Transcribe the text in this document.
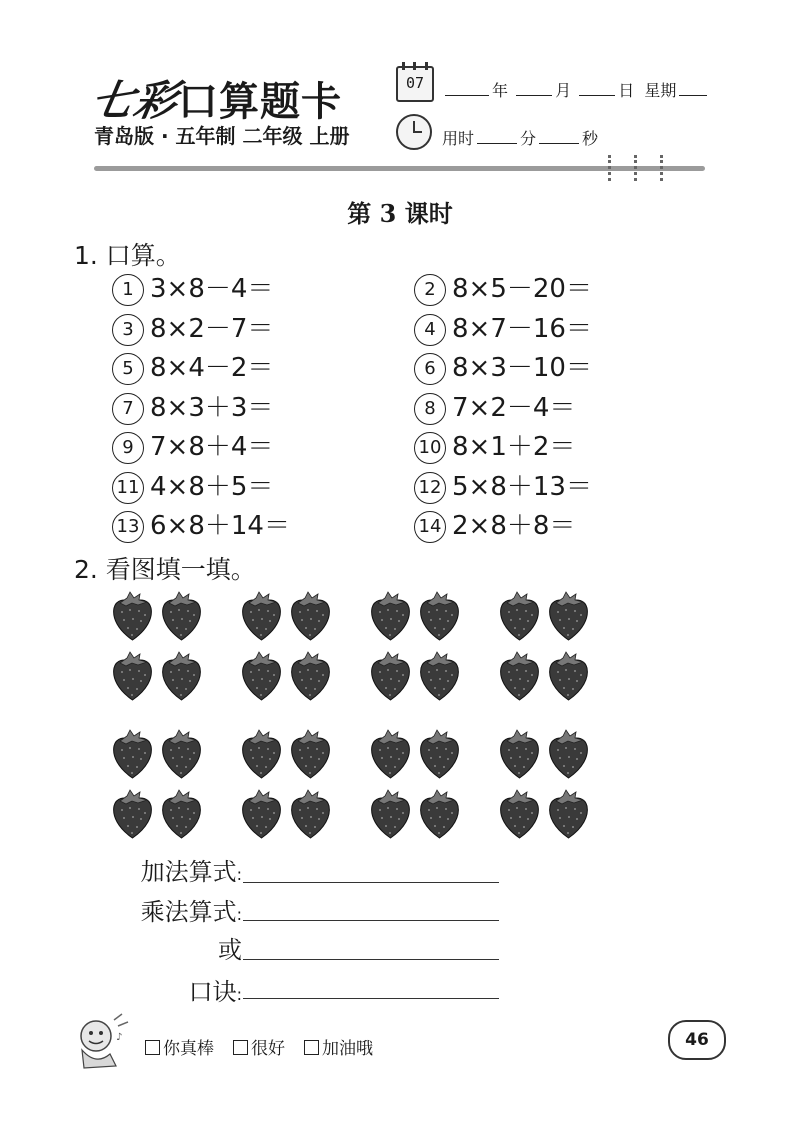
七彩口算题卡
青岛版 · 五年制 二年级 上册
07	年	月	日 星期
用时	分	秒
第 3 课时
1. 口算。
1 3×8－4＝	2 8×5－20＝
3 8×2－7＝	4 8×7－16＝
5 8×4－2＝	6 8×3－10＝
7 8×3＋3＝	8 7×2－4＝
9 7×8＋4＝	10 8×1＋2＝
11 4×8＋5＝	12 5×8＋13＝
13 6×8＋14＝	14 2×8＋8＝
2. 看图填一填。
加法算式:
乘法算式:
或
口诀:
♪
你真棒	很好	加油哦	46
